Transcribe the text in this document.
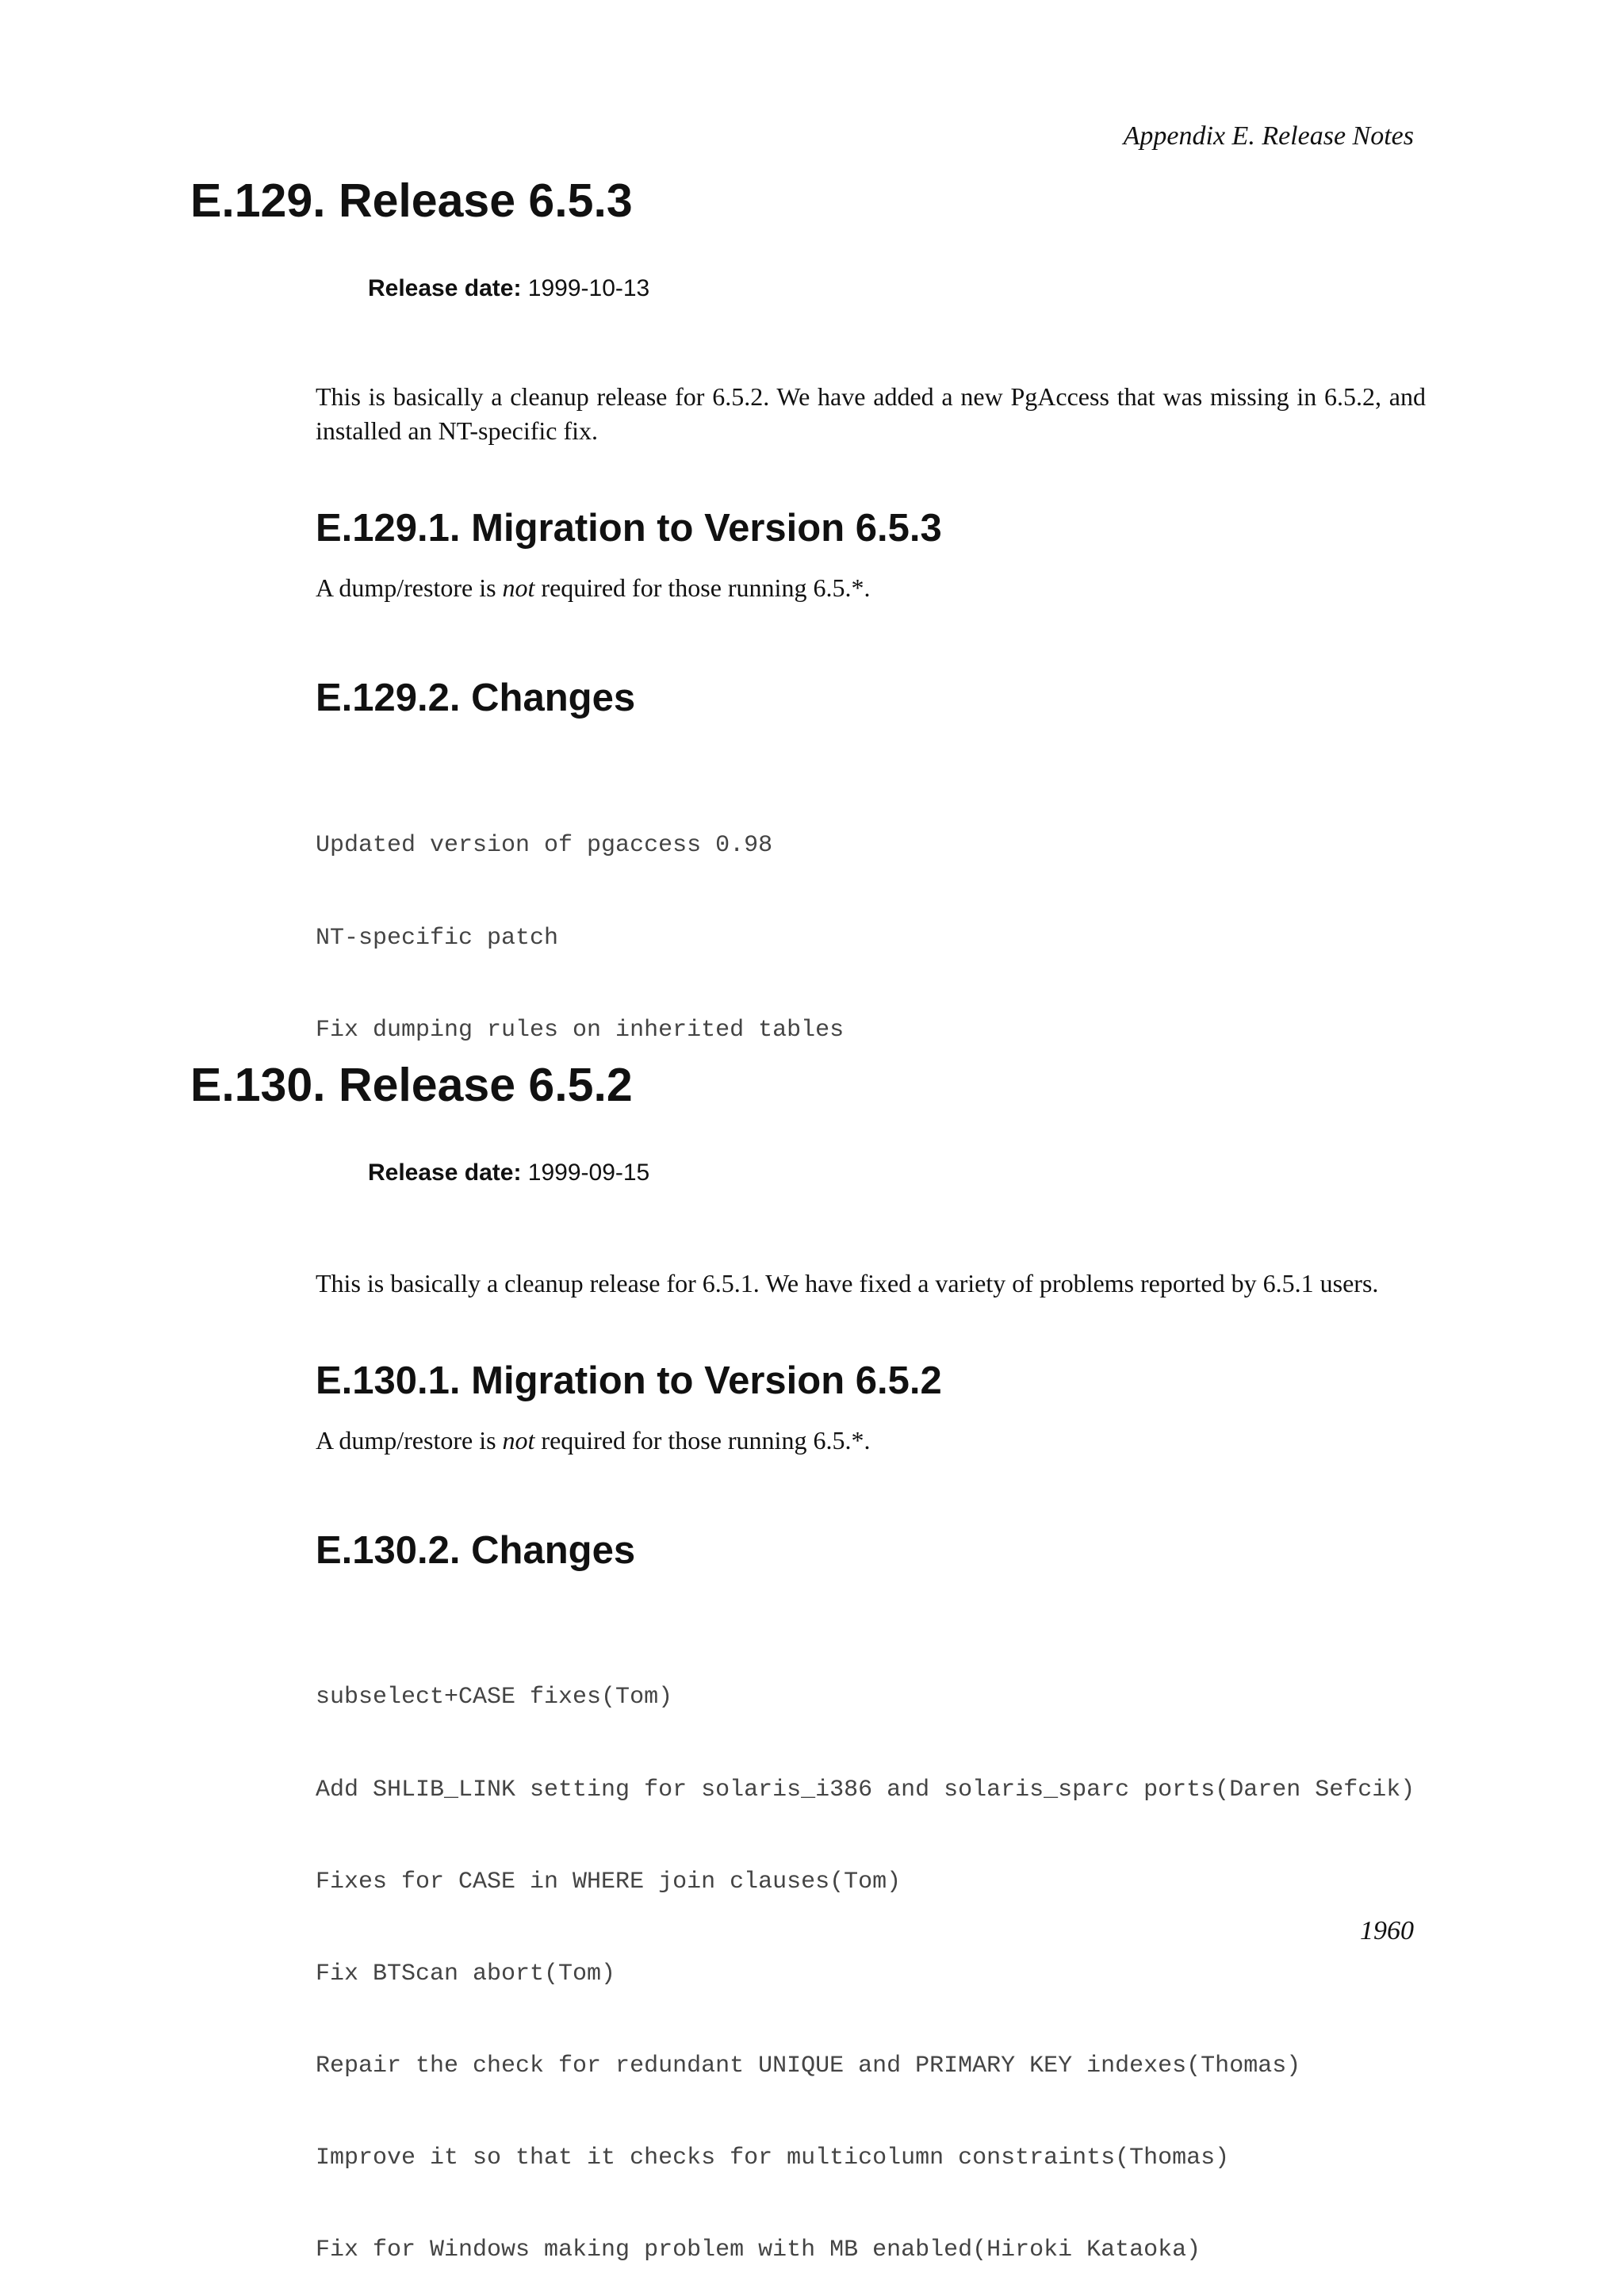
Appendix E. Release Notes
E.129. Release 6.5.3

Release date: 1999-10-13

This is basically a cleanup release for 6.5.2. We have added a new PgAccess that was missing in 6.5.2, and installed an NT-specific fix.

E.129.1. Migration to Version 6.5.3

A dump/restore is not required for those running 6.5.*.

E.129.2. Changes

Updated version of pgaccess 0.98

NT-specific patch

Fix dumping rules on inherited tables

E.130. Release 6.5.2

Release date: 1999-09-15

This is basically a cleanup release for 6.5.1. We have fixed a variety of problems reported by 6.5.1 users.

E.130.1. Migration to Version 6.5.2

A dump/restore is not required for those running 6.5.*.

E.130.2. Changes

subselect+CASE fixes(Tom)

Add SHLIB_LINK setting for solaris_i386 and solaris_sparc ports(Daren Sefcik)

Fixes for CASE in WHERE join clauses(Tom)

Fix BTScan abort(Tom)

Repair the check for redundant UNIQUE and PRIMARY KEY indexes(Thomas)

Improve it so that it checks for multicolumn constraints(Thomas)

Fix for Windows making problem with MB enabled(Hiroki Kataoka)

1960
